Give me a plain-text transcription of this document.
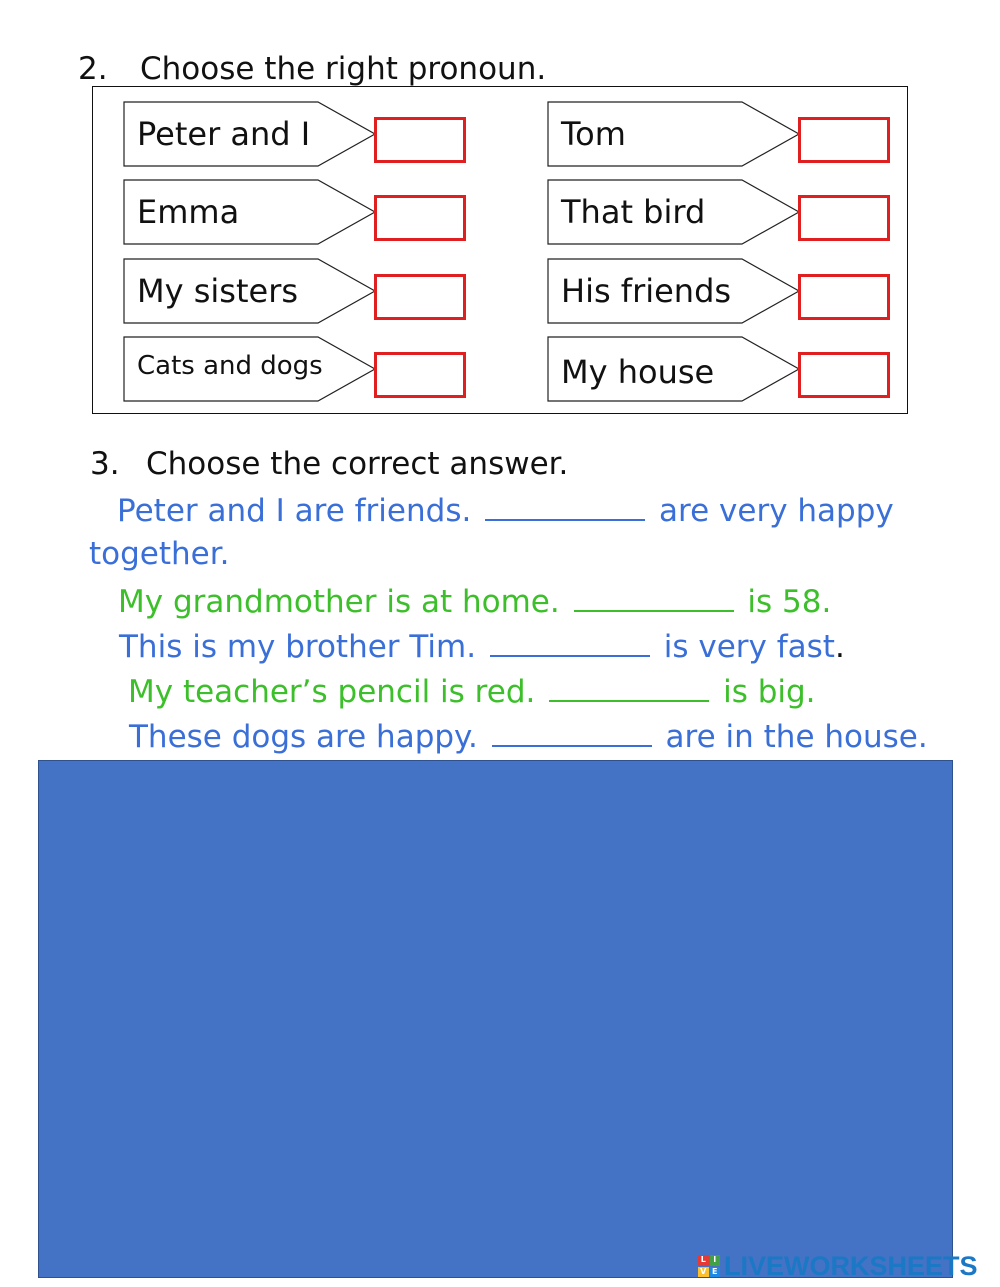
2. Choose the right pronoun.
Peter and I
Emma
My sisters
Cats and dogs
Tom
That bird
His friends
My house
3. Choose the correct answer.
Peter and I are friends.	are very happy
together.
My grandmother is at home.	is 58.
This is my brother Tim.	is very fast.
My teacher’s pencil is red.	is big.
These dogs are happy.	are in the house.
L I
V E LIVEWORKSHEETS
